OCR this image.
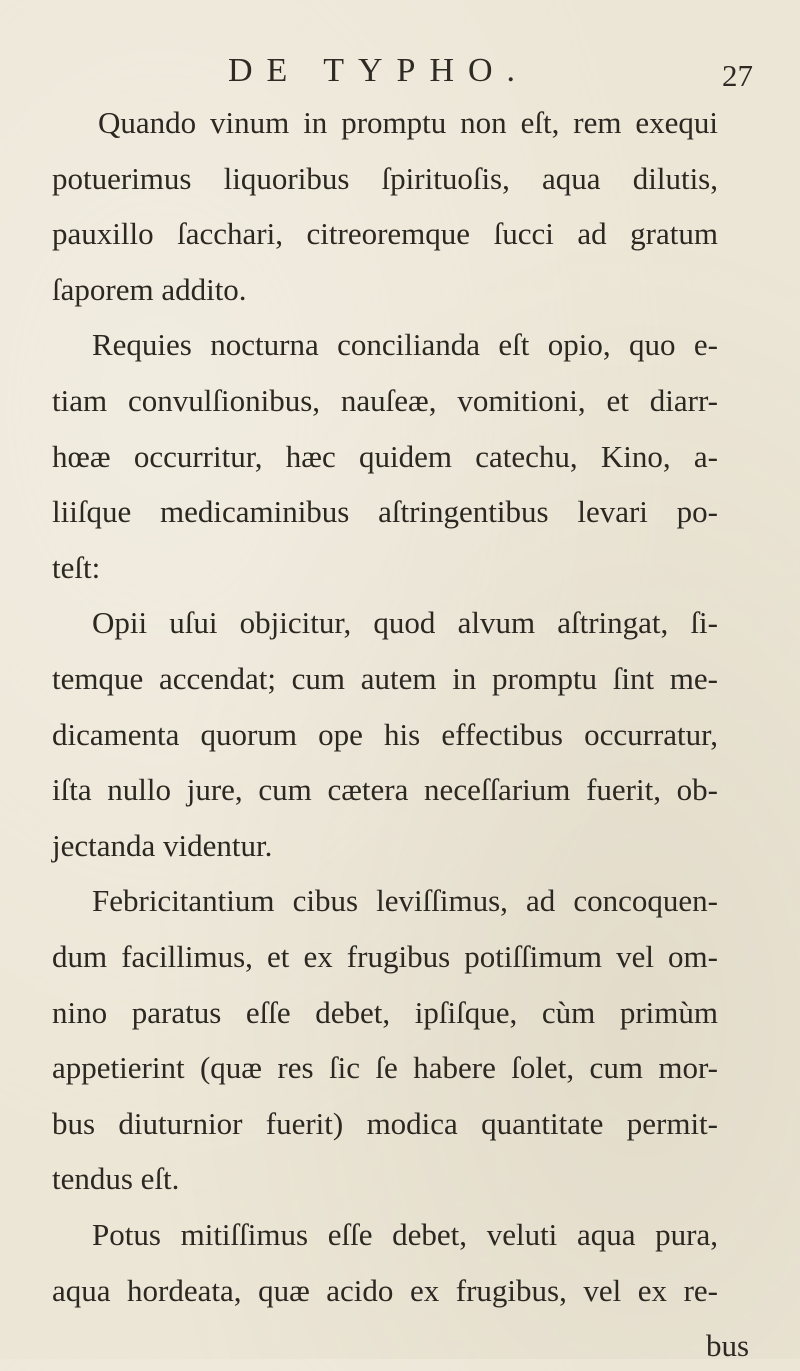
DE TYPHO.	27
Quando vinum in promptu non eſt, rem exequi
potuerimus liquoribus ſpirituoſis, aqua dilutis,
pauxillo ſacchari, citreoremque ſucci ad gratum
ſaporem addito.
Requies nocturna concilianda eſt opio, quo e-
tiam convulſionibus, nauſeæ, vomitioni, et diarr-
hœæ occurritur, hæc quidem catechu, Kino, a-
liiſque medicaminibus aſtringentibus levari po-
teſt:
Opii uſui objicitur, quod alvum aſtringat, ſi-
temque accendat; cum autem in promptu ſint me-
dicamenta quorum ope his effectibus occurratur,
iſta nullo jure, cum cætera neceſſarium fuerit, ob-
jectanda videntur.
Febricitantium cibus leviſſimus, ad concoquen-
dum facillimus, et ex frugibus potiſſimum vel om-
nino paratus eſſe debet, ipſiſque, cùm primùm
appetierint (quæ res ſic ſe habere ſolet, cum mor-
bus diuturnior fuerit) modica quantitate permit-
tendus eſt.
Potus mitiſſimus eſſe debet, veluti aqua pura,
aqua hordeata, quæ acido ex frugibus, vel ex re-
bus
